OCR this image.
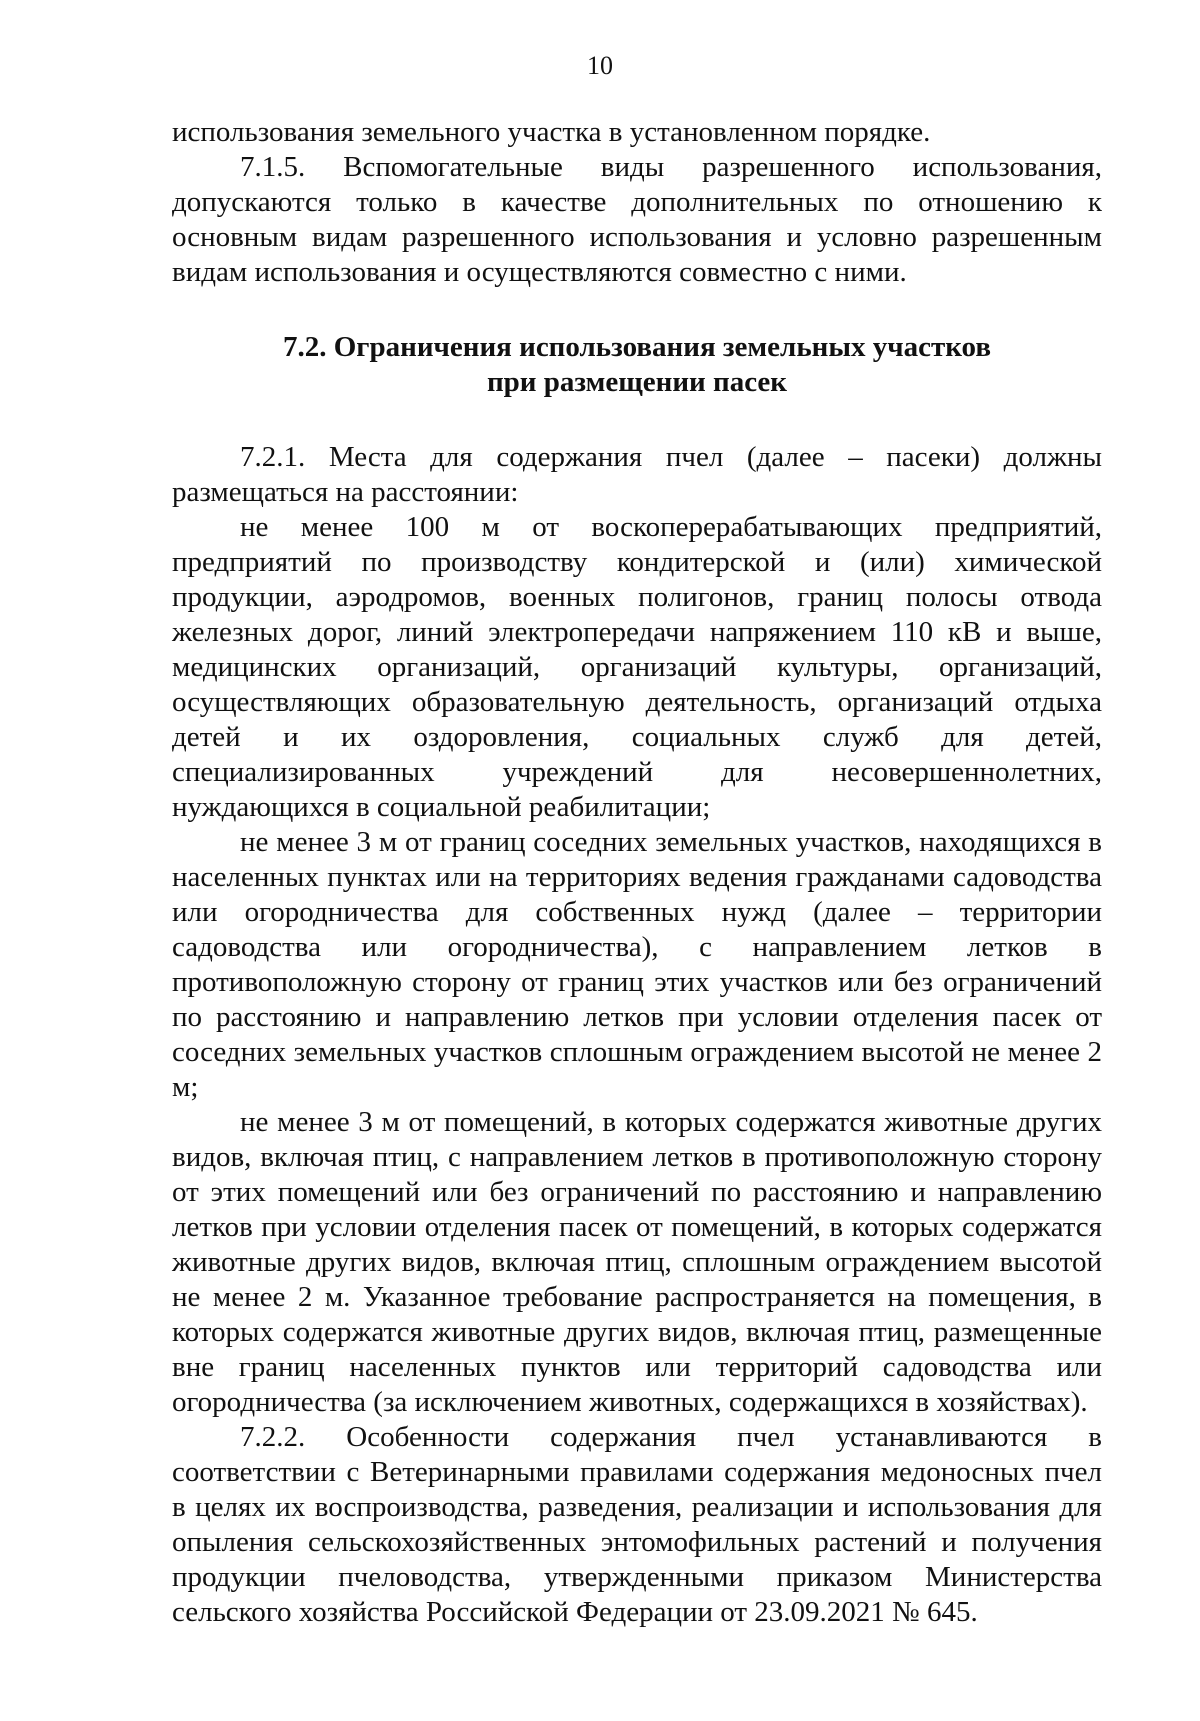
10

использования земельного участка в установленном порядке.

7.1.5. Вспомогательные виды разрешенного использования, допускаются только в качестве дополнительных по отношению к основным видам разрешенного использования и условно разрешенным видам использования и осуществляются совместно с ними.

7.2. Ограничения использования земельных участков
при размещении пасек

7.2.1. Места для содержания пчел (далее – пасеки) должны размещаться на расстоянии:

не менее 100 м от воскоперерабатывающих предприятий, предприятий по производству кондитерской и (или) химической продукции, аэродромов, военных полигонов, границ полосы отвода железных дорог, линий электропередачи напряжением 110 кВ и выше, медицинских организаций, организаций культуры, организаций, осуществляющих образовательную деятельность, организаций отдыха детей и их оздоровления, социальных служб для детей, специализированных учреждений для несовершеннолетних, нуждающихся в социальной реабилитации;

не менее 3 м от границ соседних земельных участков, находящихся в населенных пунктах или на территориях ведения гражданами садоводства или огородничества для собственных нужд (далее – территории садоводства или огородничества), с направлением летков в противоположную сторону от границ этих участков или без ограничений по расстоянию и направлению летков при условии отделения пасек от соседних земельных участков сплошным ограждением высотой не менее 2 м;

не менее 3 м от помещений, в которых содержатся животные других видов, включая птиц, с направлением летков в противоположную сторону от этих помещений или без ограничений по расстоянию и направлению летков при условии отделения пасек от помещений, в которых содержатся животные других видов, включая птиц, сплошным ограждением высотой не менее 2 м. Указанное требование распространяется на помещения, в которых содержатся животные других видов, включая птиц, размещенные вне границ населенных пунктов или территорий садоводства или огородничества (за исключением животных, содержащихся в хозяйствах).

7.2.2. Особенности содержания пчел устанавливаются в соответствии с Ветеринарными правилами содержания медоносных пчел в целях их воспроизводства, разведения, реализации и использования для опыления сельскохозяйственных энтомофильных растений и получения продукции пчеловодства, утвержденными приказом Министерства сельского хозяйства Российской Федерации от 23.09.2021 № 645.
